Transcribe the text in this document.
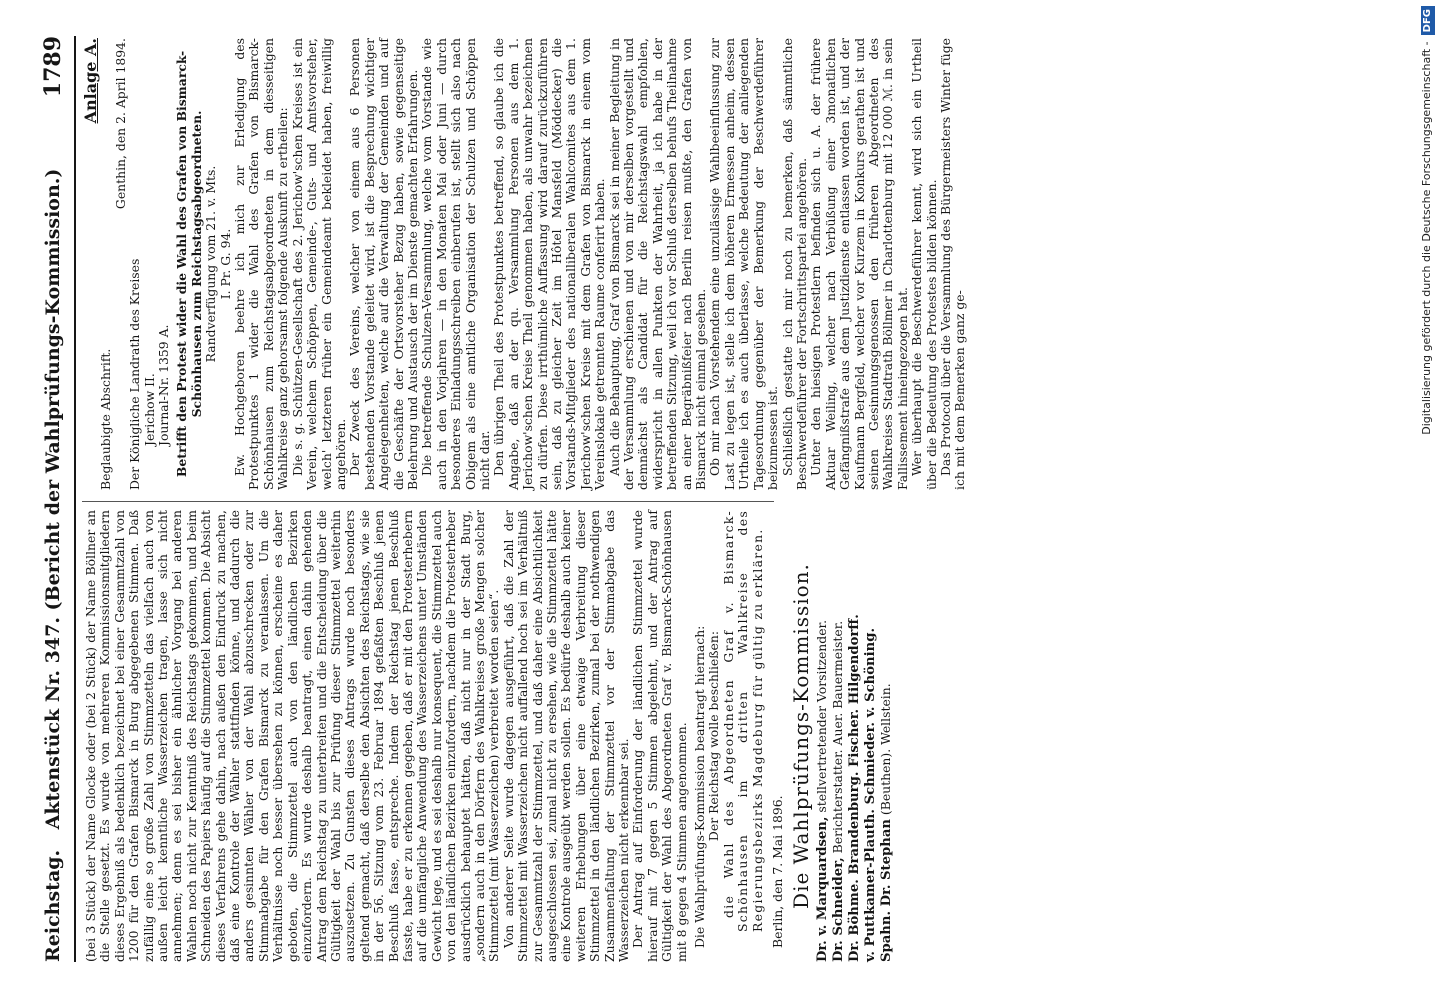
Reichstag.
Aktenstück Nr. 347. (Bericht der Wahlprüfungs-Kommission.)
1789

(bei 3 Stück) der Name Glocke oder (bei 2 Stück) der Name Böllner an die Stelle gesetzt. Es wurde von mehreren Kommissionsmitgliedern dieses Ergebniß als bedenklich bezeichnet bei einer Gesammtzahl von 1200 für den Grafen Bismarck in Burg abgegebenen Stimmen. Daß zufällig eine so große Zahl von Stimmzetteln das vielfach auch von außen leicht kenntliche Wasserzeichen tragen, lasse sich nicht annehmen; denn es sei bisher ein ähnlicher Vorgang bei anderen Wahlen noch nicht zur Kenntniß des Reichstags gekommen, und beim Schneiden des Papiers häufig auf die Stimmzettel kommen. Die Absicht dieses Verfahrens gehe dahin, nach außen den Eindruck zu machen, daß eine Kontrole der Wähler stattfinden könne, und dadurch die anders gesinnten Wähler von der Wahl abzuschrecken oder zur Stimmabgabe für den Grafen Bismarck zu veranlassen. Um die Verhältnisse noch besser übersehen zu können, erscheine es daher geboten, die Stimmzettel auch von den ländlichen Bezirken einzufordern. Es wurde deshalb beantragt, einen dahin gehenden Antrag dem Reichstag zu unterbreiten und die Entscheidung über die Gültigkeit der Wahl bis zur Prüfung dieser Stimmzettel weiterhin auszusetzen. Zu Gunsten dieses Antrags wurde noch besonders geltend gemacht, daß derselbe den Absichten des Reichstags, wie sie in der 56. Sitzung vom 23. Februar 1894 gefaßten Beschluß jenen Beschluß fasse, entspreche. Indem der Reichstag jenen Beschluß fasste, habe er zu erkennen gegeben, daß er mit den Protesterhebern auf die umfängliche Anwendung des Wasserzeichens unter Umständen Gewicht lege, und es sei deshalb nur konsequent, die Stimmzettel auch von den ländlichen Bezirken einzufordern, nachdem die Protesterheber ausdrücklich behauptet hätten, daß nicht nur in der Stadt Burg, „sondern auch in den Dörfern des Wahlkreises große Mengen solcher Stimmzettel (mit Wasserzeichen) verbreitet worden seien“. Von anderer Seite wurde dagegen ausgeführt, daß die Zahl der Stimmzettel mit Wasserzeichen nicht auffallend hoch sei im Verhältniß zur Gesammtzahl der Stimmzettel, und daß daher eine Absichtlichkeit ausgeschlossen sei, zumal nicht zu ersehen, wie die Stimmzettel hätte eine Kontrole ausgeübt werden sollen. Es bedürfe deshalb auch keiner weiteren Erhebungen über eine etwaige Verbreitung dieser Stimmzettel in den ländlichen Bezirken, zumal bei der nothwendigen Zusammenfaltung der Stimmzettel vor der Stimmabgabe das Wasserzeichen nicht erkennbar sei. Der Antrag auf Einforderung der ländlichen Stimmzettel wurde hierauf mit 7 gegen 5 Stimmen abgelehnt, und der Antrag auf Gültigkeit der Wahl des Abgeordneten Graf v. Bismarck-Schönhausen mit 8 gegen 4 Stimmen angenommen. Die Wahlprüfungs-Kommission beantragt hiernach: Der Reichstag wolle beschließen: die Wahl des Abgeordneten Graf v. Bismarck-Schönhausen im dritten Wahlkreise des Regierungsbezirks Magdeburg für gültig zu erklären. Berlin, den 7. Mai 1896. Die Wahlprüfungs-Kommission. Dr. v. Marquardsen, stellvertretender Vorsitzender.
Dr. Schneider, Berichterstatter. Auer. Bauermeister. Dr. Böhme. Brandenburg. Fischer. Hilgendorff. v. Puttkamer-Plauth. Schmieder. v. Schöning. Spahn. Dr. Stephan (Beuthen). Wellstein.
Anlage A.

Beglaubigte Abschrift.

Genthin, den 2. April 1894.

Der Königliche Landrath des Kreises Jerichow II. Journal-Nr. 1359 A. Betrifft den Protest wider die Wahl des Grafen von Bismarck-Schönhausen zum Reichstagsabgeordneten. Randverfügung vom 21. v. Mts. I. Pr. G. 94. Ew. Hochgeboren beehre ich mich zur Erledigung des Protestpunktes 1 wider die Wahl des Grafen von Bismarck-Schönhausen zum Reichstagsabgeordneten in dem diesseitigen Wahlkreise ganz gehorsamst folgende Auskunft zu ertheilen: Die s. g. Schützen-Gesellschaft des 2. Jerichow'schen Kreises ist ein Verein, welchem Schöppen, Gemeinde-, Guts- und Amtsvorsteher, welch' letzteren früher ein Gemeindeamt bekleidet haben, freiwillig angehören. Der Zweck des Vereins, welcher von einem aus 6 Personen bestehenden Vorstande geleitet wird, ist die Besprechung wichtiger Angelegenheiten, welche auf die Verwaltung der Gemeinden und auf die Geschäfte der Ortsvorsteher Bezug haben, sowie gegenseitige Belehrung und Austausch der im Dienste gemachten Erfahrungen. Die betreffende Schulzen-Versammlung, welche vom Vorstande wie auch in den Vorjahren — in den Monaten Mai oder Juni — durch besonderes Einladungsschreiben einberufen ist, stellt sich also nach Obigem als eine amtliche Organisation der Schulzen und Schöppen nicht dar. Den übrigen Theil des Protestpunktes betreffend, so glaube ich die Angabe, daß an der qu. Versammlung Personen aus dem 1. Jerichow'schen Kreise Theil genommen haben, als unwahr bezeichnen zu dürfen. Diese irrthümliche Auffassung wird darauf zurückzuführen sein, daß zu gleicher Zeit im Hôtel Mansfeld (Möddecker) die Vorstands-Mitglieder des nationalliberalen Wahlcomites aus dem 1. Jerichow'schen Kreise mit dem Grafen von Bismarck in einem vom Vereinslokale getrennten Raume conferirt haben. Auch die Behauptung, Graf von Bismarck sei in meiner Begleitung in der Versammlung erschienen und von mir derselben vorgestellt und demnächst als Candidat für die Reichstagswahl empfohlen, widerspricht in allen Punkten der Wahrheit, ja ich habe in der betreffenden Sitzung, weil ich vor Schluß derselben behufs Theilnahme an einer Begräbnißfeier nach Berlin reisen mußte, den Grafen von Bismarck nicht einmal gesehen. Ob mir nach Vorstehendem eine unzulässige Wahlbeeinflussung zur Last zu legen ist, stelle ich dem höheren Ermessen anheim, dessen Urtheile ich es auch überlasse, welche Bedeutung der anliegenden Tagesordnung gegenüber der Bemerkung der Beschwerdeführer beizumessen ist. Schließlich gestatte ich mir noch zu bemerken, daß sämmtliche Beschwerdeführer der Fortschrittspartei angehören. Unter den hiesigen Protestlern befinden sich u. A. der frühere Aktuar Weiling, welcher nach Verbüßung einer 3monatlichen Gefängnißstrafe aus dem Justizdienste entlassen worden ist, und der Kaufmann Bergfeld, welcher vor Kurzem in Konkurs gerathen ist und seinen Gesinnungsgenossen den früheren Abgeordneten des Wahlkreises Stadtrath Böllmer in Charlottenburg mit 12 000 ℳ. in sein Fallissement hineingezogen hat. Wer überhaupt die Beschwerdeführer kennt, wird sich ein Urtheil über die Bedeutung des Protestes bilden können. Das Protocoll über die Versammlung des Bürgermeisters Winter füge ich mit dem Bemerken ganz ge-	Digitalisierung gefördert durch die Deutsche Forschungsgemeinschaft -DFG
